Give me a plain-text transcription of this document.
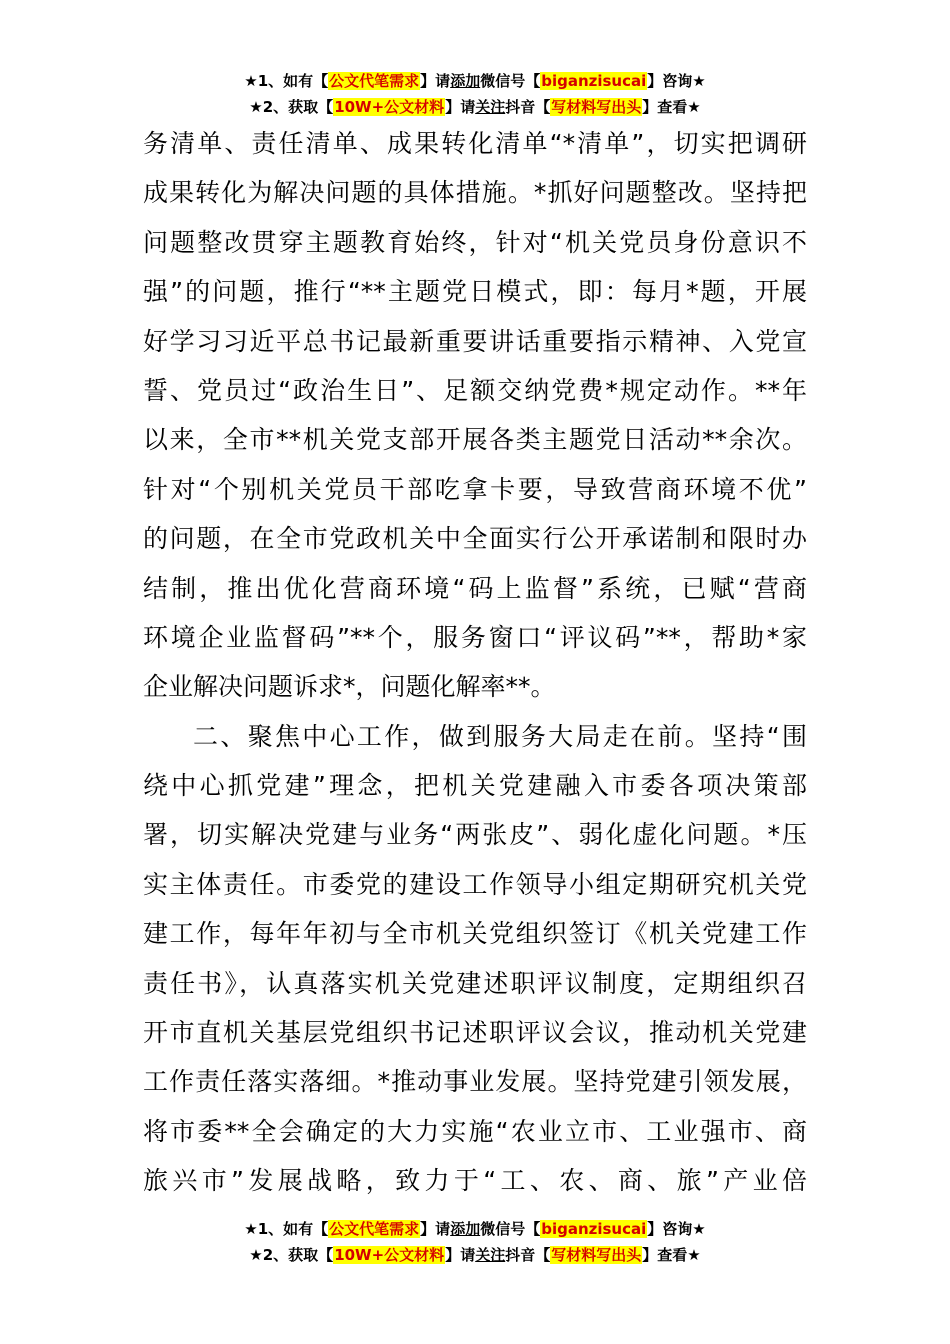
★1、如有【公文代笔需求】请添加微信号【biganzisucai】咨询★
★2、获取【10W+公文材料】请关注抖音【写材料写出头】查看★
务清单、责任清单、成果转化清单“*清单”，切实把调研
成果转化为解决问题的具体措施。*抓好问题整改。坚持把
问题整改贯穿主题教育始终，针对“机关党员身份意识不
强”的问题，推行“**主题党日模式，即：每月*题，开展
好学习习近平总书记最新重要讲话重要指示精神、入党宣
誓、党员过“政治生日”、足额交纳党费*规定动作。**年
以来，全市**机关党支部开展各类主题党日活动**余次。
针对“个别机关党员干部吃拿卡要，导致营商环境不优”
的问题，在全市党政机关中全面实行公开承诺制和限时办
结制，推出优化营商环境“码上监督”系统，已赋“营商
环境企业监督码”**个，服务窗口“评议码”**，帮助*家
企业解决问题诉求*，问题化解率**。
二、聚焦中心工作，做到服务大局走在前。坚持“围
绕中心抓党建”理念，把机关党建融入市委各项决策部
署，切实解决党建与业务“两张皮”、弱化虚化问题。*压
实主体责任。市委党的建设工作领导小组定期研究机关党
建工作，每年年初与全市机关党组织签订《机关党建工作
责任书》，认真落实机关党建述职评议制度，定期组织召
开市直机关基层党组织书记述职评议会议，推动机关党建
工作责任落实落细。*推动事业发展。坚持党建引领发展，
将市委**全会确定的大力实施“农业立市、工业强市、商
旅兴市”发展战略，致力于“工、农、商、旅”产业倍
★1、如有【公文代笔需求】请添加微信号【biganzisucai】咨询★
★2、获取【10W+公文材料】请关注抖音【写材料写出头】查看★
